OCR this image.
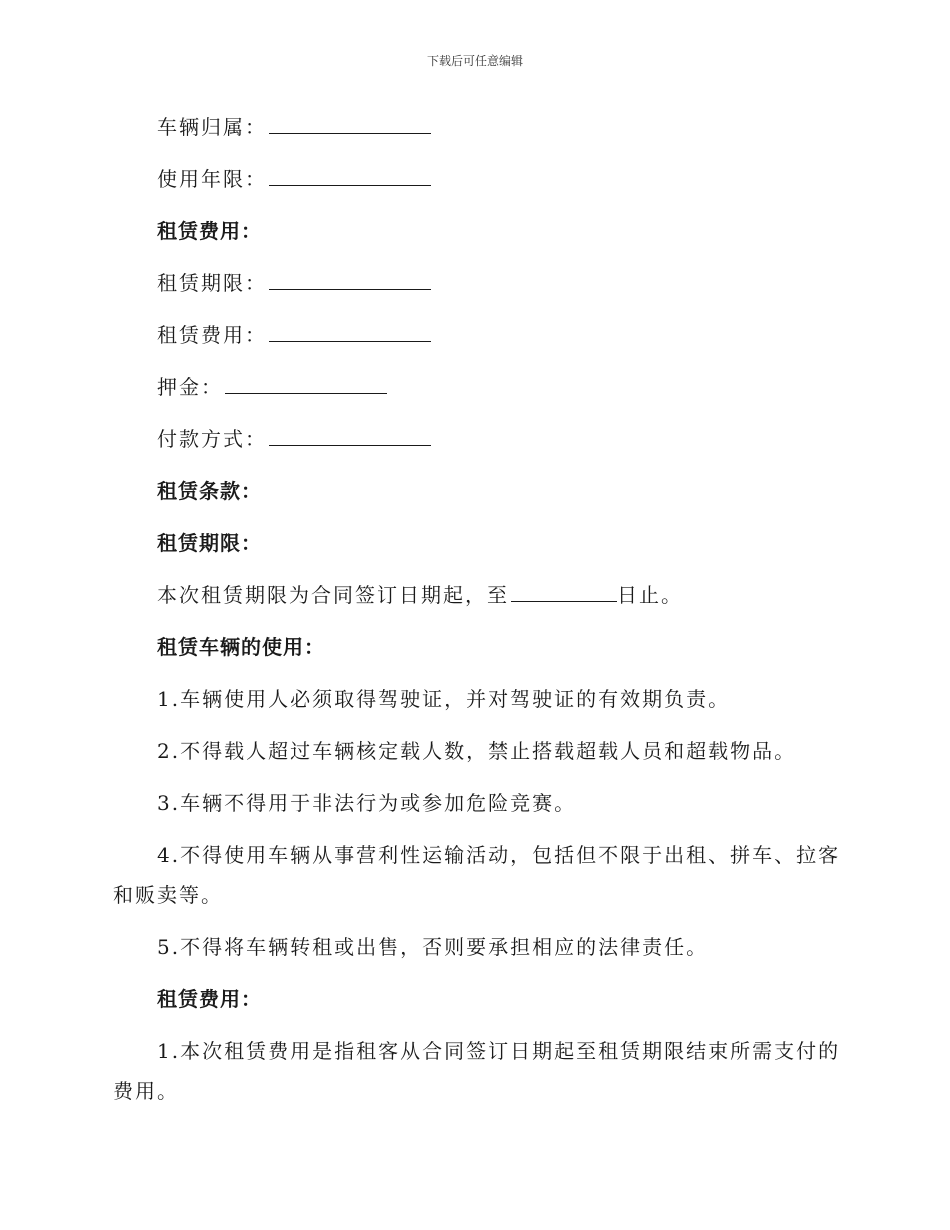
下载后可任意编辑
车辆归属：
使用年限：
租赁费用：
租赁期限：
租赁费用：
押金：
付款方式：
租赁条款：
租赁期限：
本次租赁期限为合同签订日期起，至	日止。
租赁车辆的使用：
1.车辆使用人必须取得驾驶证，并对驾驶证的有效期负责。
2.不得载人超过车辆核定载人数，禁止搭载超载人员和超载物品。
3.车辆不得用于非法行为或参加危险竞赛。
4.不得使用车辆从事营利性运输活动，包括但不限于出租、拼车、拉客
和贩卖等。
5.不得将车辆转租或出售，否则要承担相应的法律责任。
租赁费用：
1.本次租赁费用是指租客从合同签订日期起至租赁期限结束所需支付的
费用。
